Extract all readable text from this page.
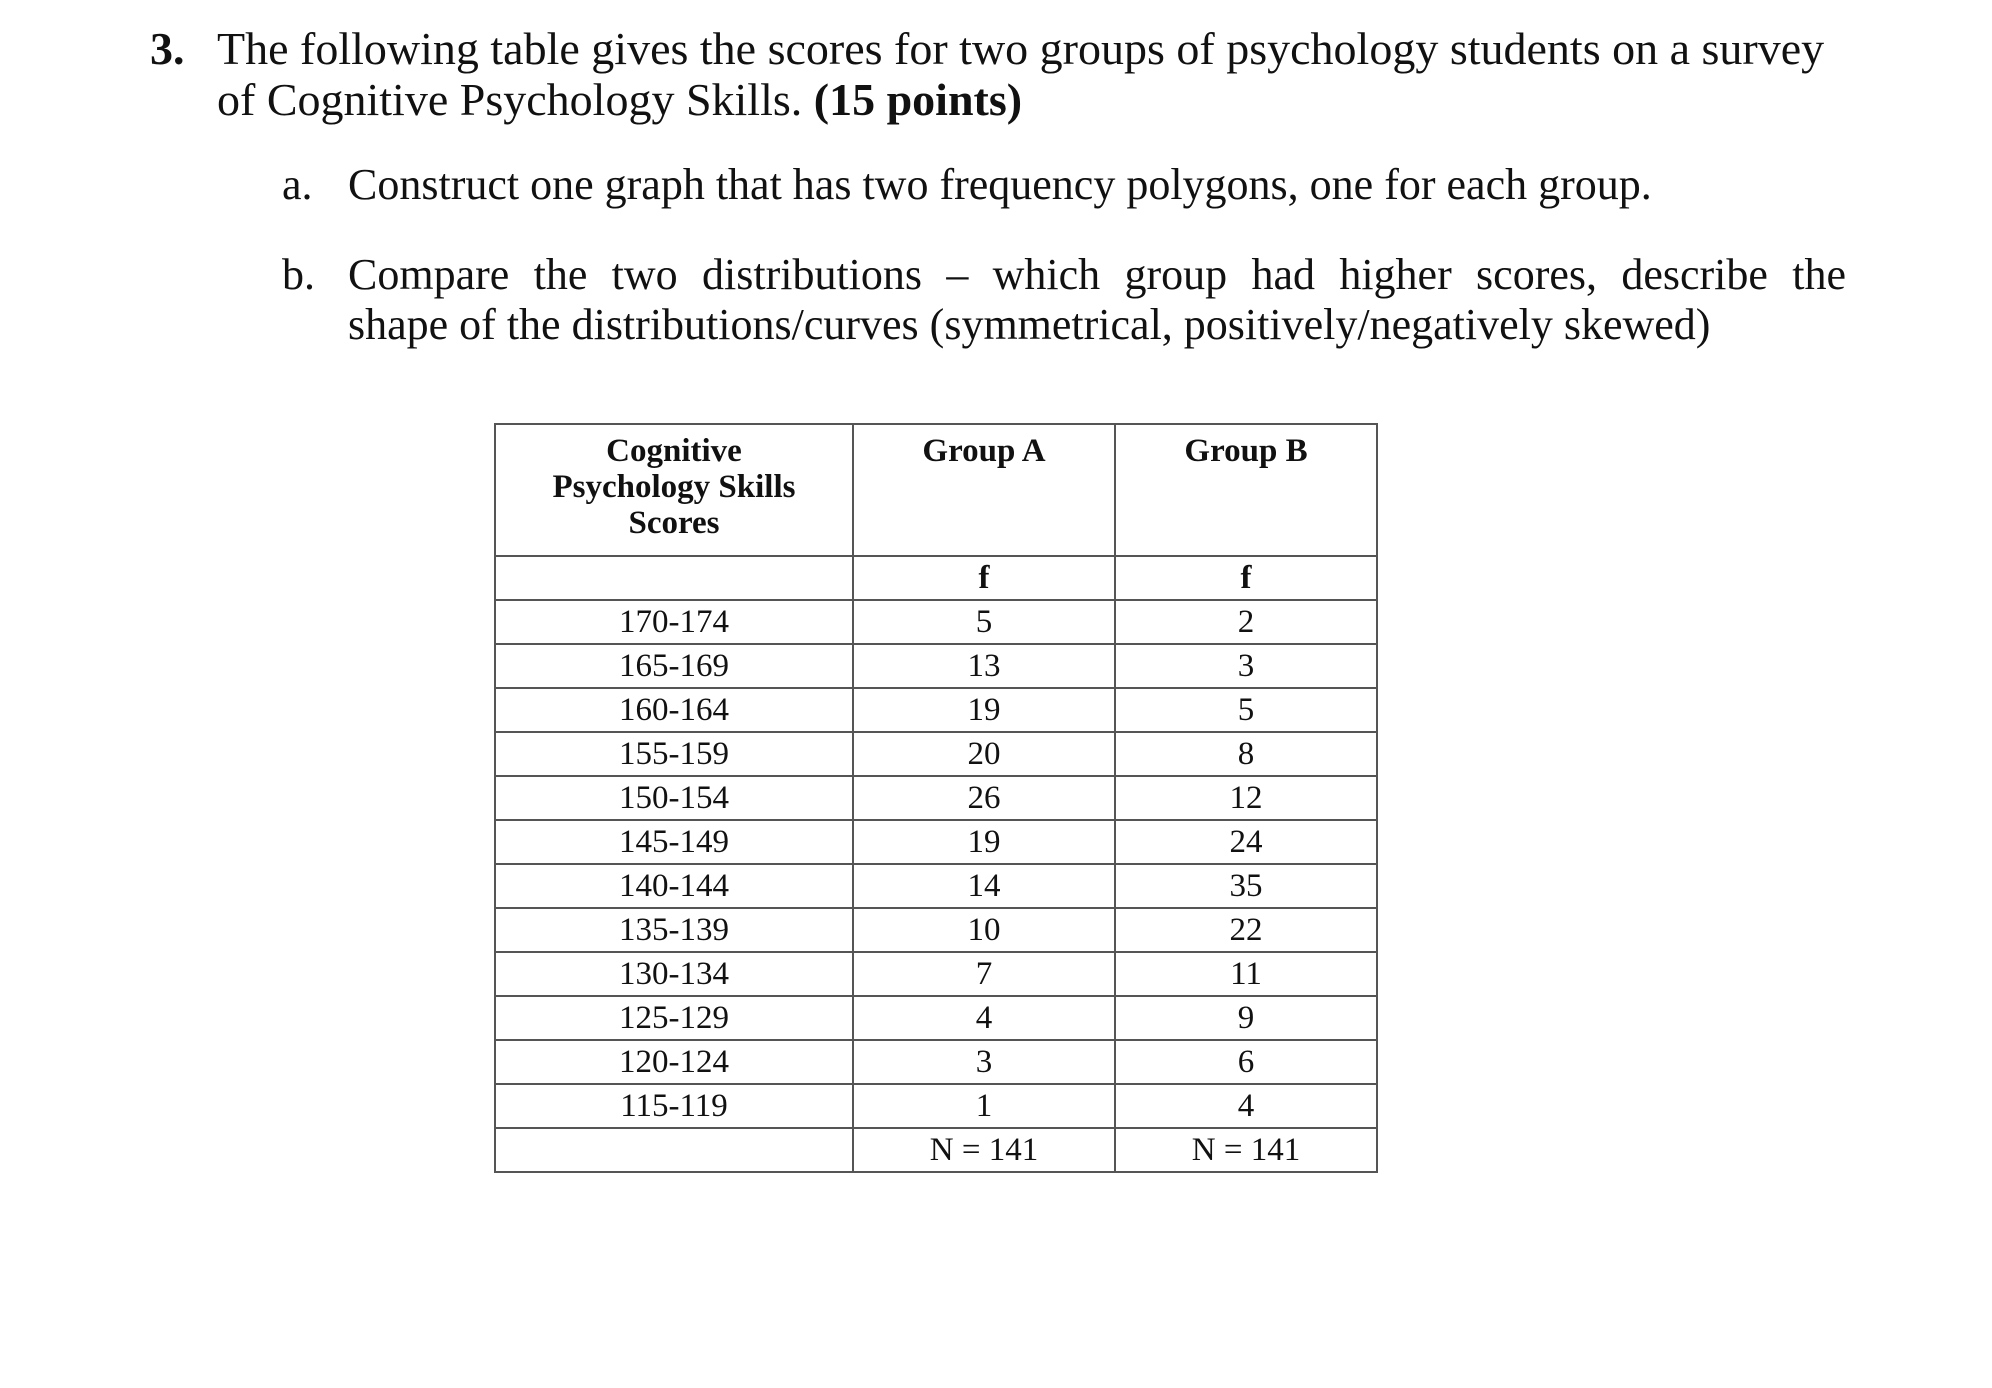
3. The following table gives the scores for two groups of psychology students on a survey
of Cognitive Psychology Skills. (15 points)
a. Construct one graph that has two frequency polygons, one for each group.
b. Compare the two distributions – which group had higher scores, describe the
shape of the distributions/curves (symmetrical, positively/negatively skewed)
Cognitive
Psychology Skills
Scores	Group A	Group B
	f	f
170-174	5	2
165-169	13	3
160-164	19	5
155-159	20	8
150-154	26	12
145-149	19	24
140-144	14	35
135-139	10	22
130-134	7	11
125-129	4	9
120-124	3	6
115-119	1	4
	N = 141	N = 141
